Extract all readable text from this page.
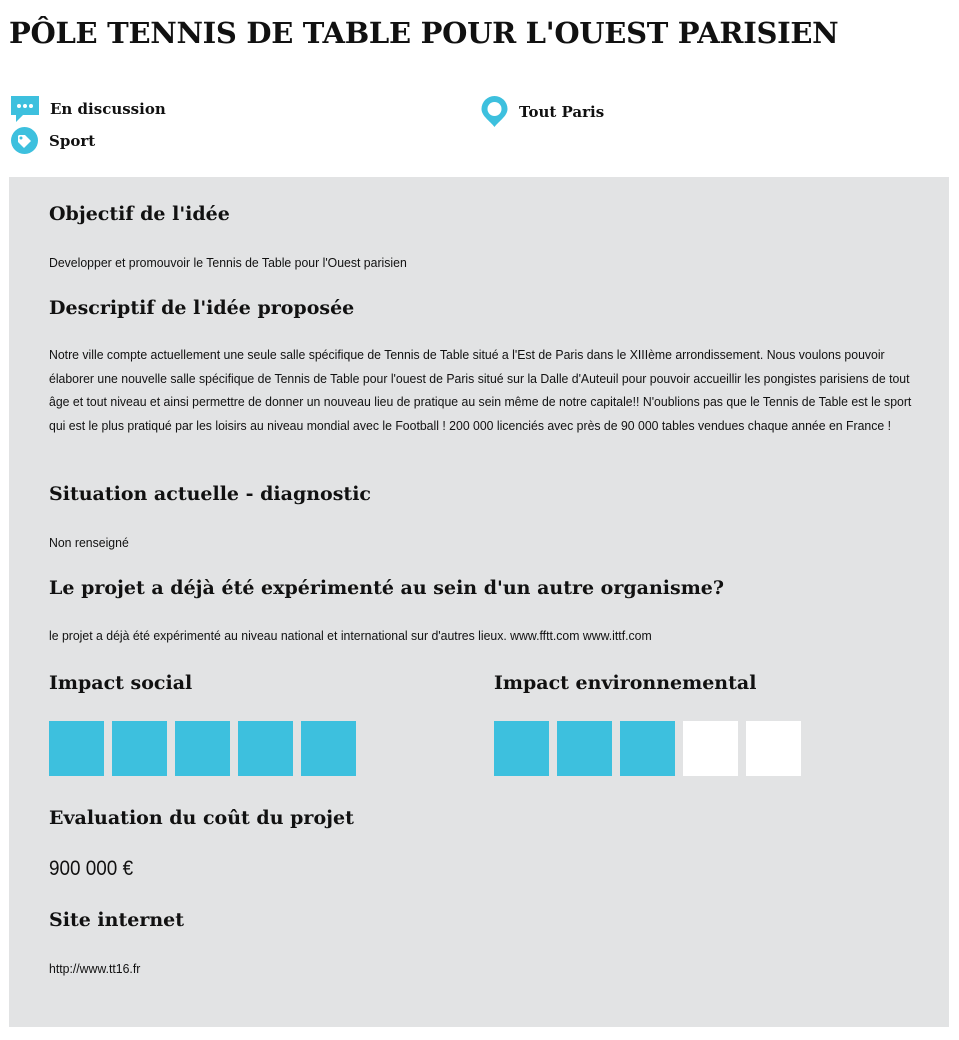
PÔLE TENNIS DE TABLE POUR L'OUEST PARISIEN
En discussion
Sport
Tout Paris
Objectif de l'idée

Developper et promouvoir le Tennis de Table pour l'Ouest parisien

Descriptif de l'idée proposée

Notre ville compte actuellement une seule salle spécifique de Tennis de Table situé a l'Est de Paris dans le XIIIème arrondissement. Nous voulons pouvoir élaborer une nouvelle salle spécifique de Tennis de Table pour l'ouest de Paris situé sur la Dalle d'Auteuil pour pouvoir accueillir les pongistes parisiens de tout âge et tout niveau et ainsi permettre de donner un nouveau lieu de pratique au sein même de notre capitale!! N'oublions pas que le Tennis de Table est le sport qui est le plus pratiqué par les loisirs au niveau mondial avec le Football ! 200 000 licenciés avec près de 90 000 tables vendues chaque année en France !

Situation actuelle - diagnostic

Non renseigné

Le projet a déjà été expérimenté au sein d'un autre organisme?

le projet a déjà été expérimenté au niveau national et international sur d'autres lieux. www.fftt.com www.ittf.com

Impact social	Impact environnemental
Evaluation du coût du projet

900 000 €

Site internet

http://www.tt16.fr
